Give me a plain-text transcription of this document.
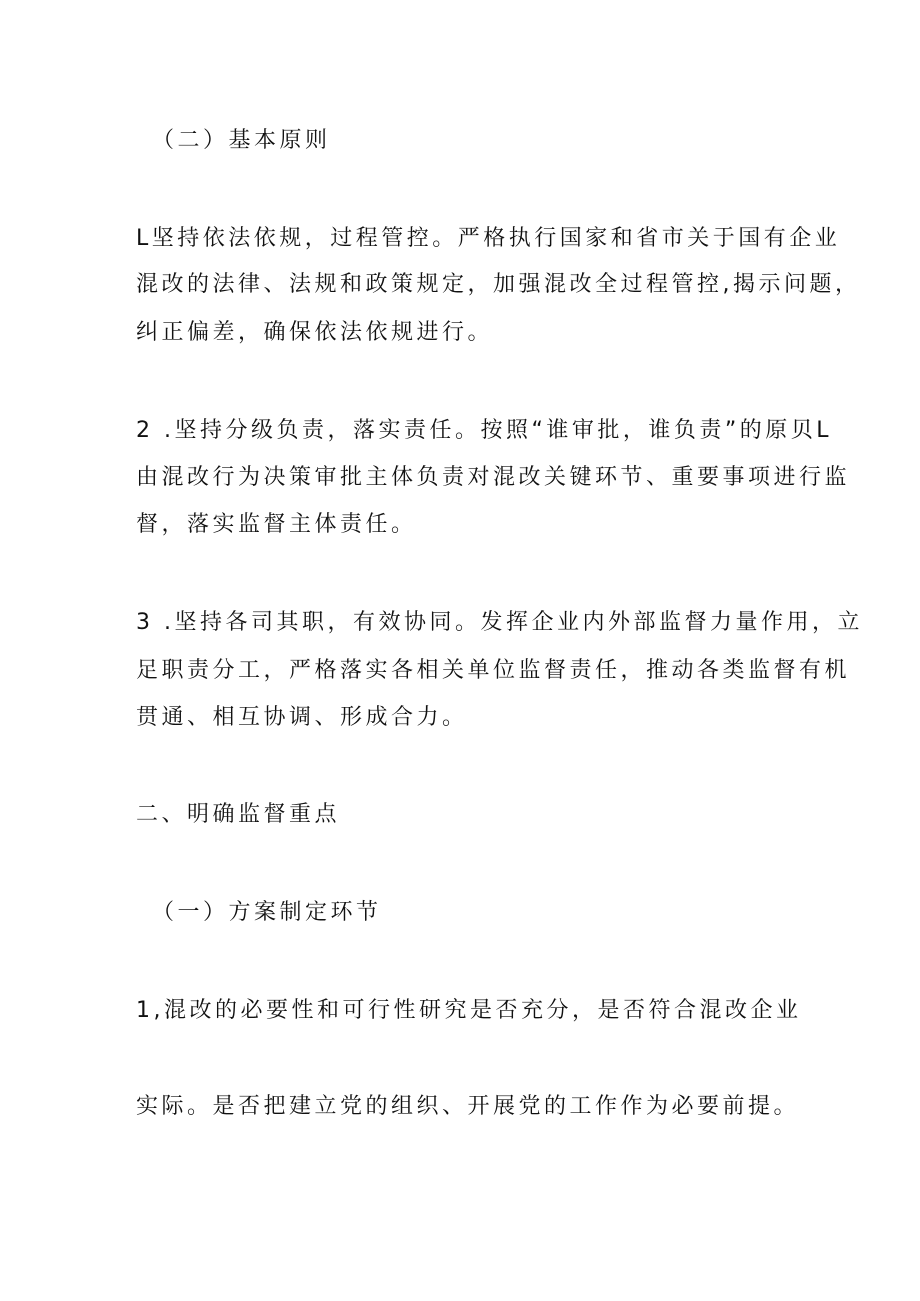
（二）基本原则
L坚持依法依规，过程管控。严格执行国家和省市关于国有企业
混改的法律、法规和政策规定，加强混改全过程管控,揭示问题，
纠正偏差，确保依法依规进行。
2 .坚持分级负责，落实责任。按照“谁审批，谁负责”的原贝L
由混改行为决策审批主体负责对混改关键环节、重要事项进行监
督，落实监督主体责任。
3 .坚持各司其职，有效协同。发挥企业内外部监督力量作用，立
足职责分工，严格落实各相关单位监督责任，推动各类监督有机
贯通、相互协调、形成合力。
二、明确监督重点
（一）方案制定环节
1,混改的必要性和可行性研究是否充分，是否符合混改企业
实际。是否把建立党的组织、开展党的工作作为必要前提。
